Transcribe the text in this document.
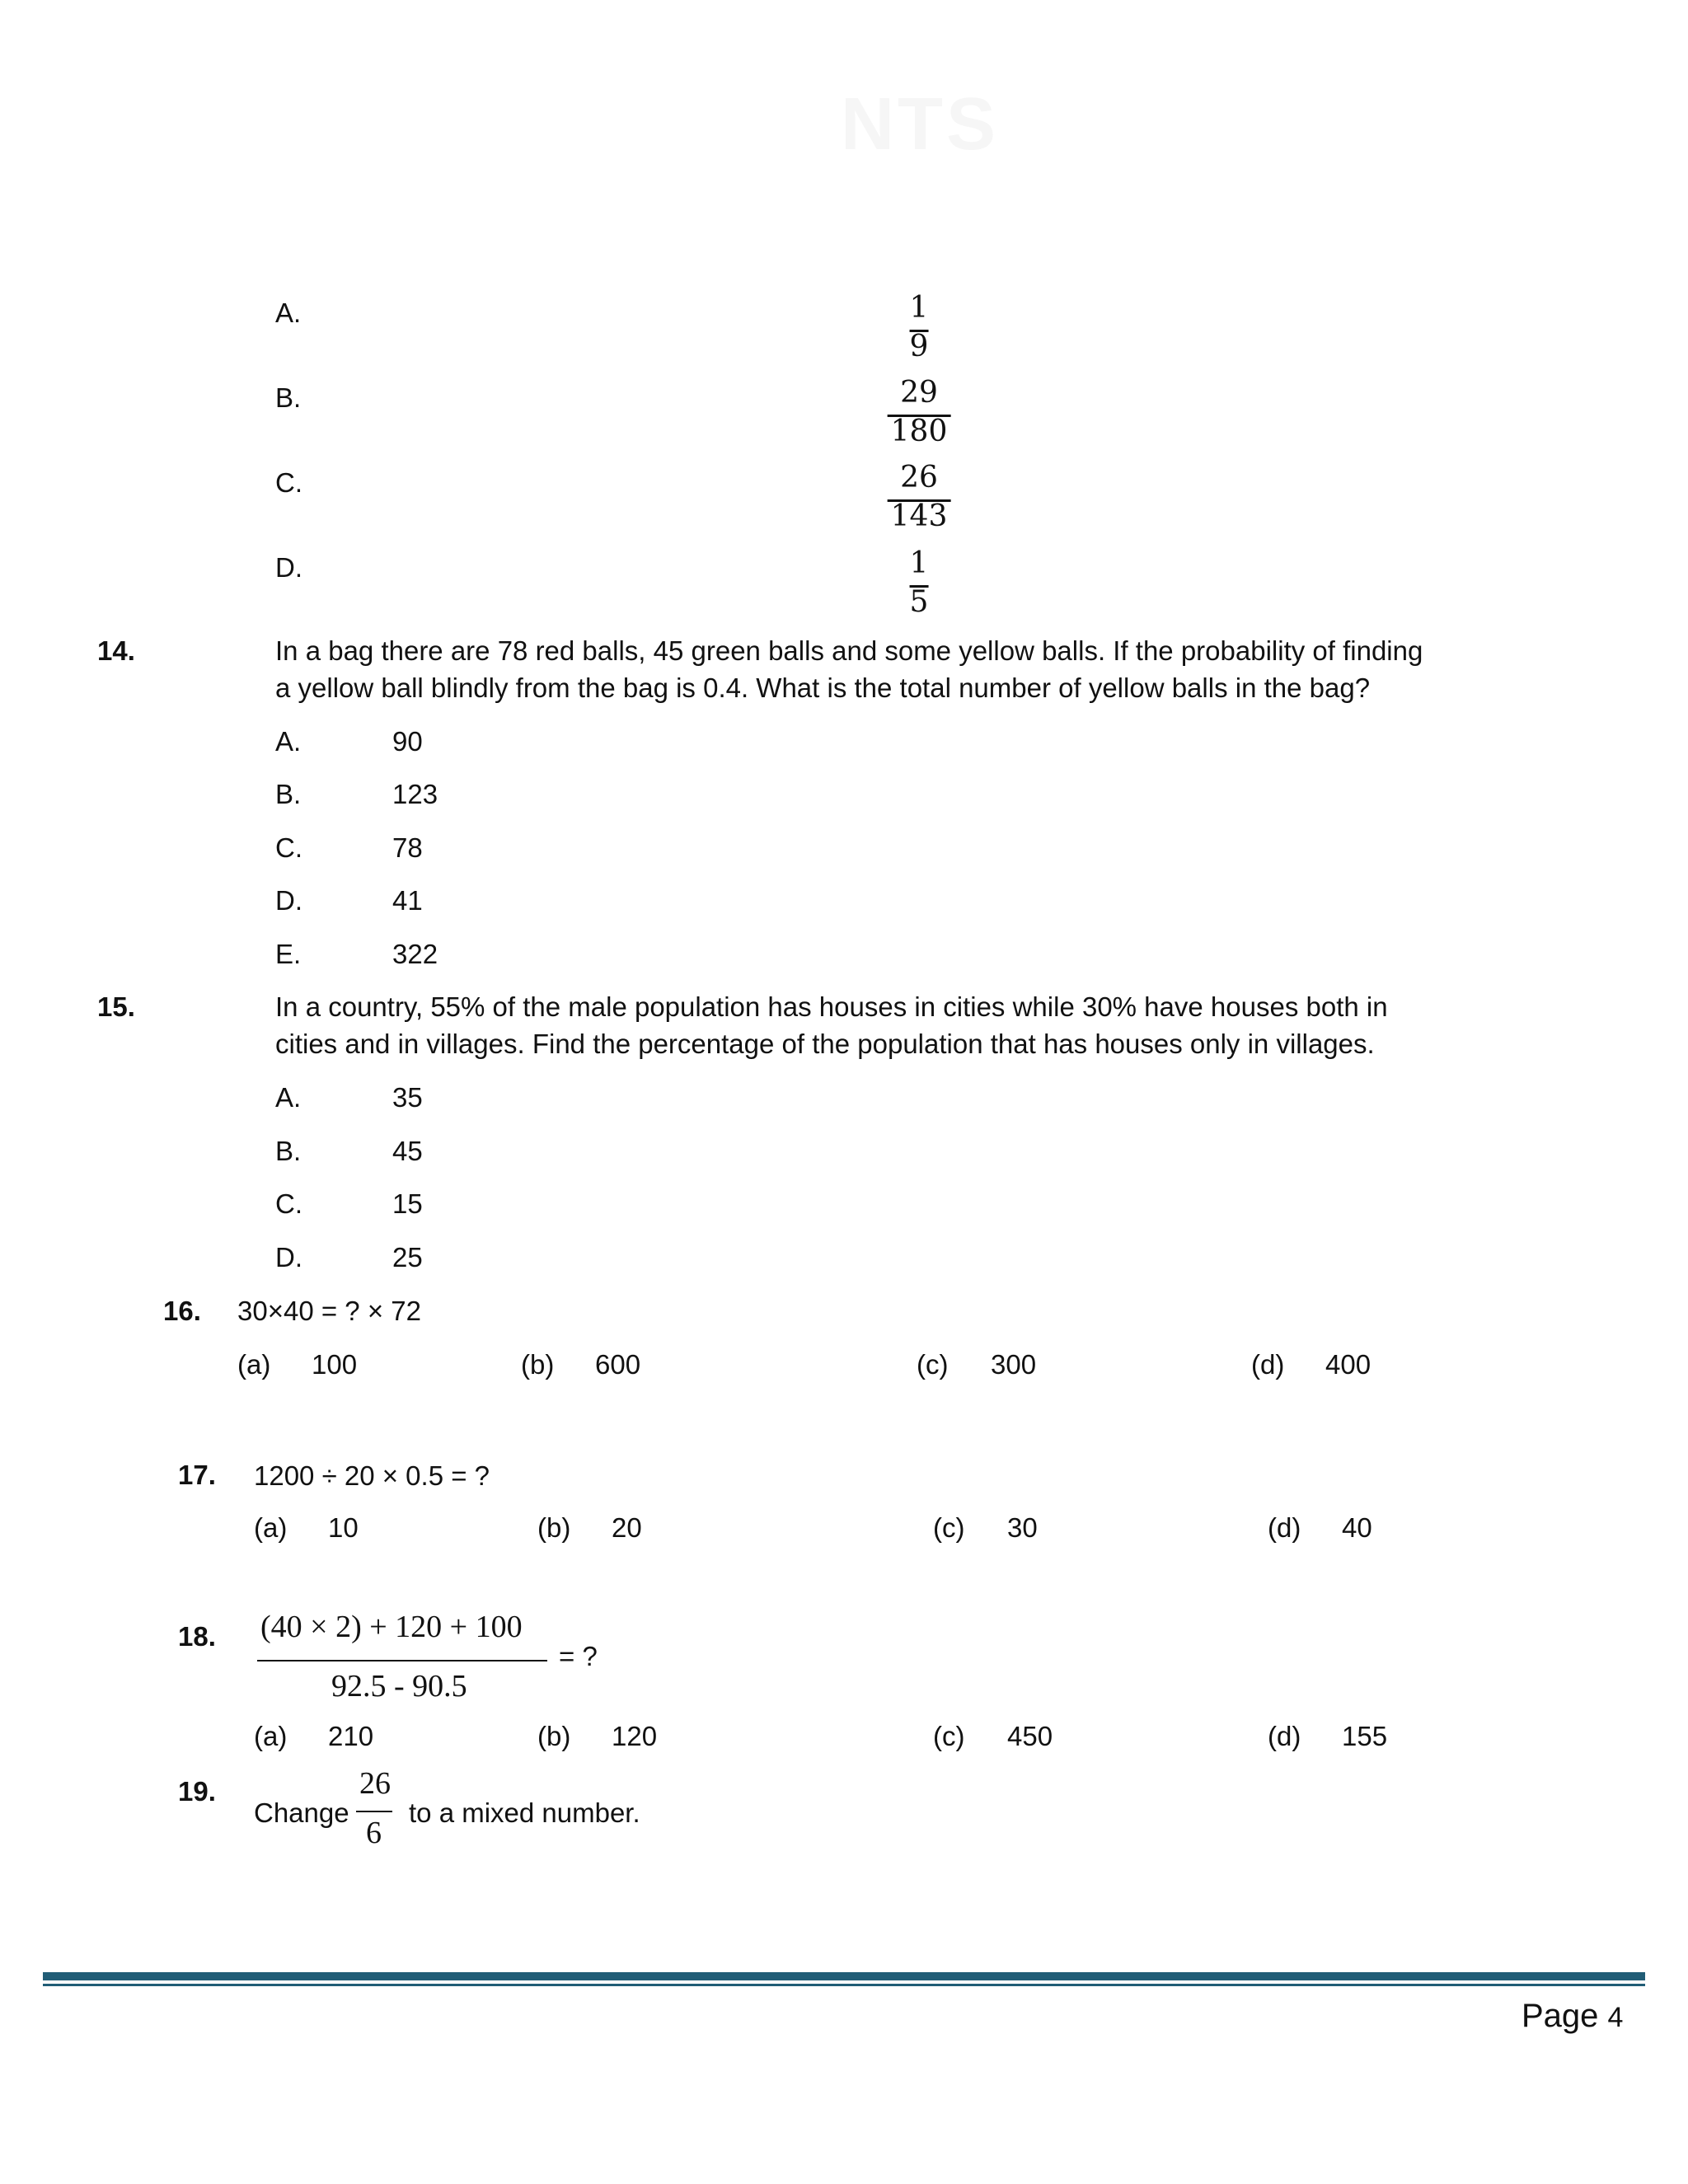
NTS
A.	1
9
B.	29
180
C.	26
143
D.	1
5
14.	In a bag there are 78 red balls, 45 green balls and some yellow balls. If the probability of finding
a yellow ball blindly from the bag is 0.4. What is the total number of yellow balls in the bag?
A.	90
B.	123
C.	78
D.	41
E.	322
15.	In a country, 55% of the male population has houses in cities while 30% have houses both in
cities and in villages. Find the percentage of the population that has houses only in villages.
A.	35
B.	45
C.	15
D.	25
16. 30×40 = ? × 72
(a) 100	(b) 600	(c) 300	(d) 400
17. 1200 ÷ 20 × 0.5 = ?
(a) 10	(b) 20	(c) 30	(d) 40
18. (40 × 2) + 120 + 100
92.5 - 90.5
= ?
(a) 210	(b) 120	(c) 450	(d) 155
19.
Change
26
6
to a mixed number.
Page 4
